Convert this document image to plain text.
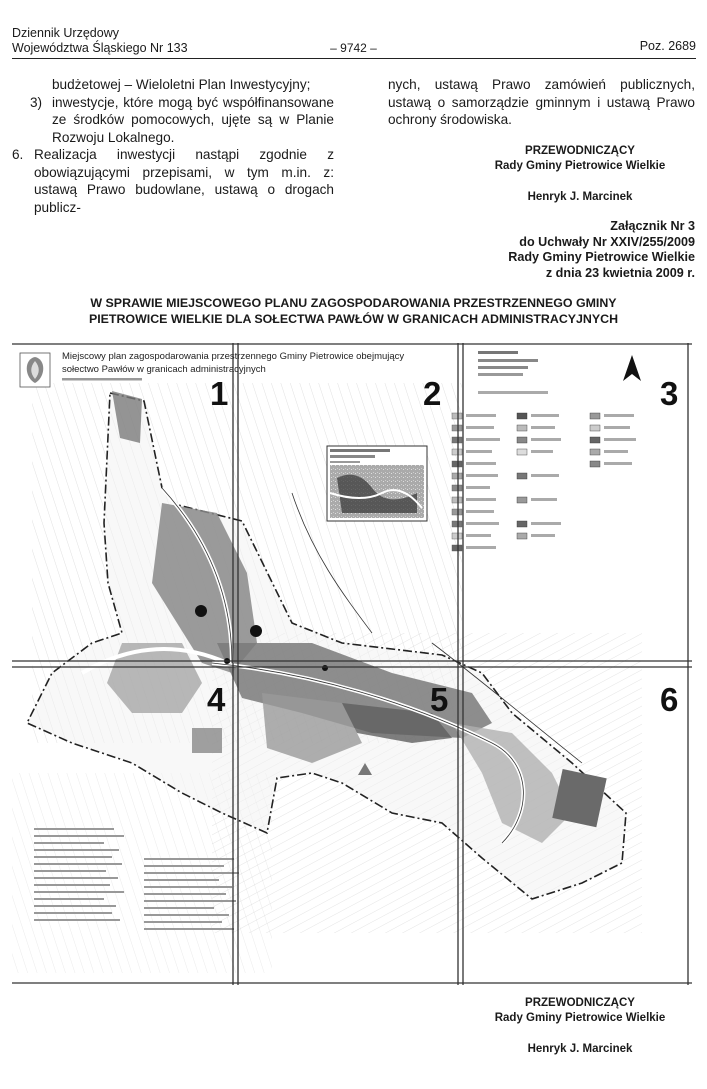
Dziennik Urzędowy
Województwa Śląskiego Nr 133	– 9742 –	Poz. 2689
budżetowej – Wieloletni Plan Inwestycyjny;
3) inwestycje, które mogą być współfinansowane ze środków pomocowych, ujęte są w Planie Rozwoju Lokalnego.
6. Realizacja inwestycji nastąpi zgodnie z obowiązującymi przepisami, w tym m.in. z: ustawą Prawo budowlane, ustawą o drogach publicz-
nych, ustawą Prawo zamówień publicznych, ustawą o samorządzie gminnym i ustawą Prawo ochrony środowiska.
PRZEWODNICZĄCY
Rady Gminy Pietrowice Wielkie
Henryk J. Marcinek
Załącznik Nr 3
do Uchwały Nr XXIV/255/2009
Rady Gminy Pietrowice Wielkie
z dnia 23 kwietnia 2009 r.
W SPRAWIE MIEJSCOWEGO PLANU ZAGOSPODAROWANIA PRZESTRZENNEGO GMINY
PIETROWICE WIELKIE DLA SOŁECTWA PAWŁÓW W GRANICACH ADMINISTRACYJNYCH
Miejscowy plan zagospodarowania przestrzennego Gminy Pietrowice obejmujący
sołectwo Pawłów w granicach administracyjnych
1	2	3
4	5	6
PRZEWODNICZĄCY
Rady Gminy Pietrowice Wielkie
Henryk J. Marcinek
